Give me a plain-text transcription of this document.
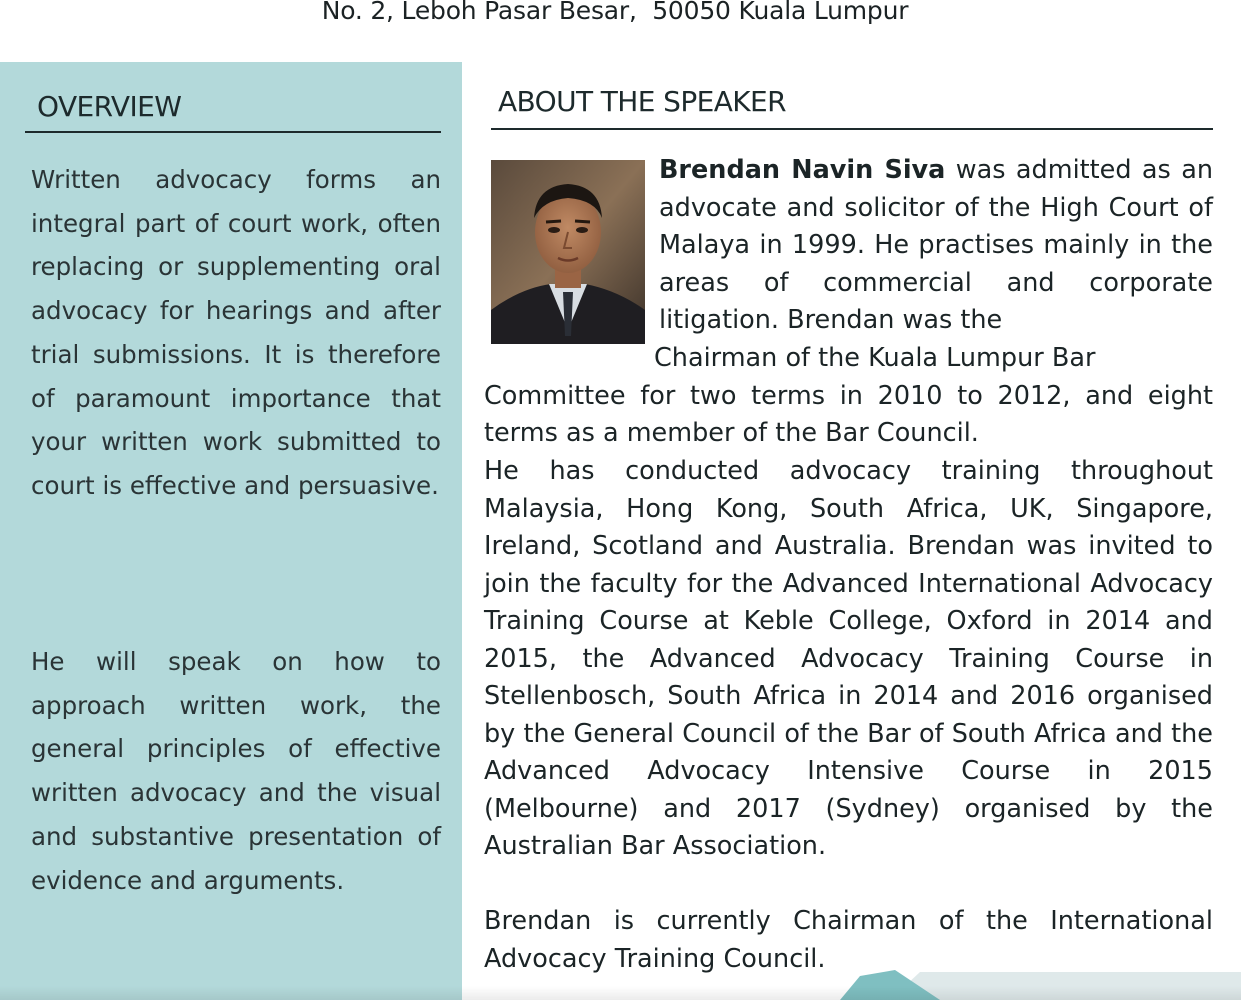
No. 2, Leboh Pasar Besar,  50050 Kuala Lumpur
OVERVIEW

Written advocacy forms an integral part of court work, often replacing or supplementing oral advocacy for hearings and after trial submissions. It is therefore of paramount importance that your written work submitted to court is effective and persuasive.

He will speak on how to approach written work, the general principles of effective written advocacy and the visual and substantive presentation of evidence and arguments.

ABOUT THE SPEAKER

Brendan Navin Siva was admitted as an advocate and solicitor of the High Court of Malaya in 1999. He practises mainly in the areas of commercial and corporate litigation. Brendan was the

Chairman of the Kuala Lumpur Bar
Committee for two terms in 2010 to 2012, and eight terms as a member of the Bar Council.

He has conducted advocacy training throughout Malaysia, Hong Kong, South Africa, UK, Singapore, Ireland, Scotland and Australia. Brendan was invited to join the faculty for the Advanced International Advocacy Training Course at Keble College, Oxford in 2014 and 2015, the Advanced Advocacy Training Course in Stellenbosch, South Africa in 2014 and 2016 organised by the General Council of the Bar of South Africa and the Advanced Advocacy Intensive Course in 2015 (Melbourne) and 2017 (Sydney) organised by the Australian Bar Association.

Brendan is currently Chairman of the International Advocacy Training Council.
